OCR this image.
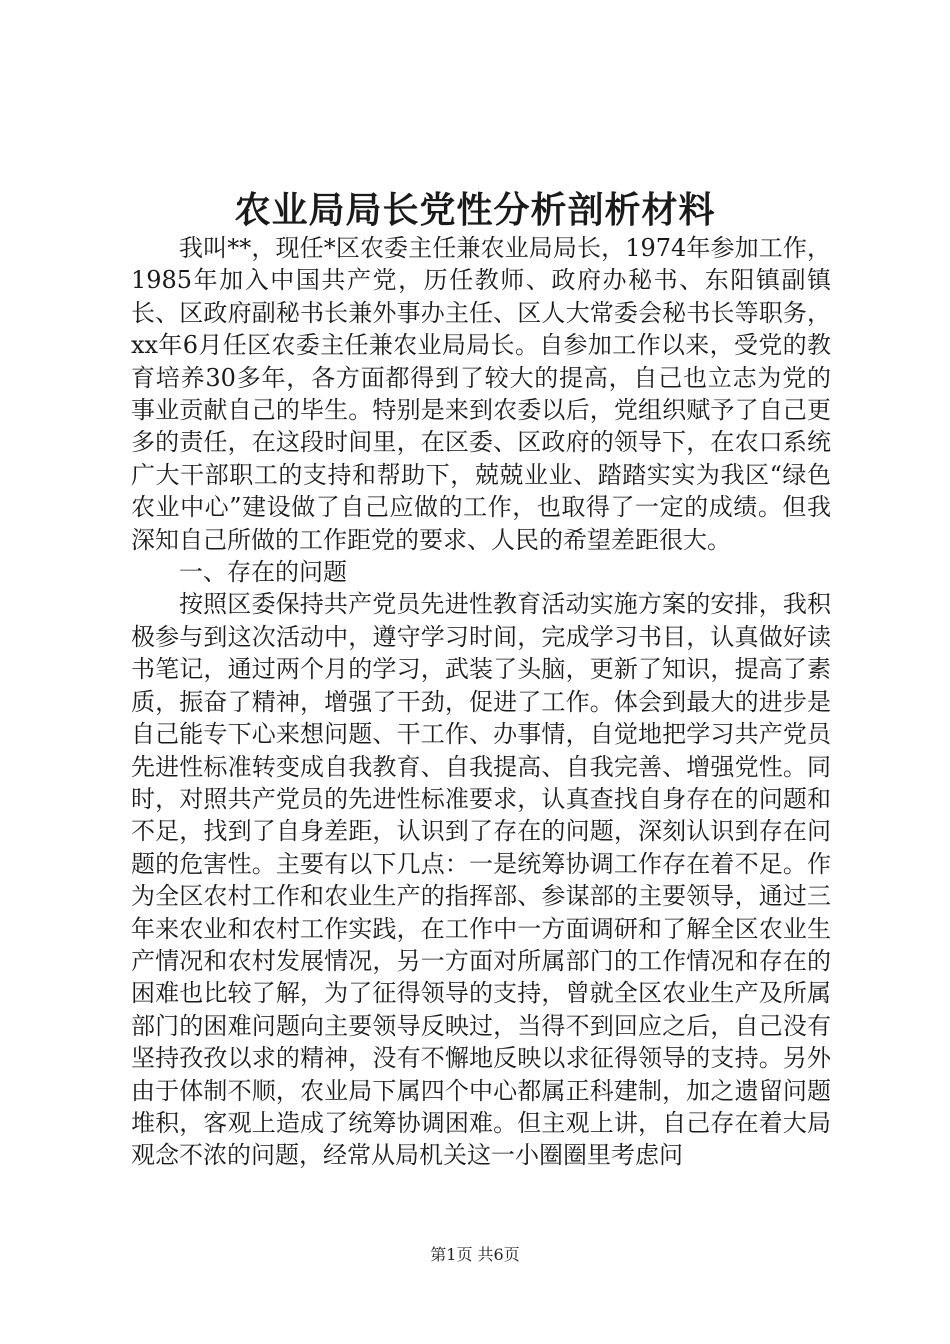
农业局局长党性分析剖析材料

我叫**，现任*区农委主任兼农业局局长，1974年参加工作，1985年加入中国共产党，历任教师、政府办秘书、东阳镇副镇长、区政府副秘书长兼外事办主任、区人大常委会秘书长等职务，xx年6月任区农委主任兼农业局局长。自参加工作以来，受党的教育培养30多年，各方面都得到了较大的提高，自己也立志为党的事业贡献自己的毕生。特别是来到农委以后，党组织赋予了自己更多的责任，在这段时间里，在区委、区政府的领导下，在农口系统广大干部职工的支持和帮助下，兢兢业业、踏踏实实为我区“绿色农业中心”建设做了自己应做的工作，也取得了一定的成绩。但我深知自己所做的工作距党的要求、人民的希望差距很大。

一、存在的问题

按照区委保持共产党员先进性教育活动实施方案的安排，我积极参与到这次活动中，遵守学习时间，完成学习书目，认真做好读书笔记，通过两个月的学习，武装了头脑，更新了知识，提高了素质，振奋了精神，增强了干劲，促进了工作。体会到最大的进步是自己能专下心来想问题、干工作、办事情，自觉地把学习共产党员先进性标准转变成自我教育、自我提高、自我完善、增强党性。同时，对照共产党员的先进性标准要求，认真查找自身存在的问题和不足，找到了自身差距，认识到了存在的问题，深刻认识到存在问题的危害性。主要有以下几点：一是统筹协调工作存在着不足。作为全区农村工作和农业生产的指挥部、参谋部的主要领导，通过三年来农业和农村工作实践，在工作中一方面调研和了解全区农业生产情况和农村发展情况，另一方面对所属部门的工作情况和存在的困难也比较了解，为了征得领导的支持，曾就全区农业生产及所属部门的困难问题向主要领导反映过，当得不到回应之后，自己没有坚持孜孜以求的精神，没有不懈地反映以求征得领导的支持。另外由于体制不顺，农业局下属四个中心都属正科建制，加之遗留问题堆积，客观上造成了统筹协调困难。但主观上讲，自己存在着大局观念不浓的问题，经常从局机关这一小圈圈里考虑问

第1页 共6页
